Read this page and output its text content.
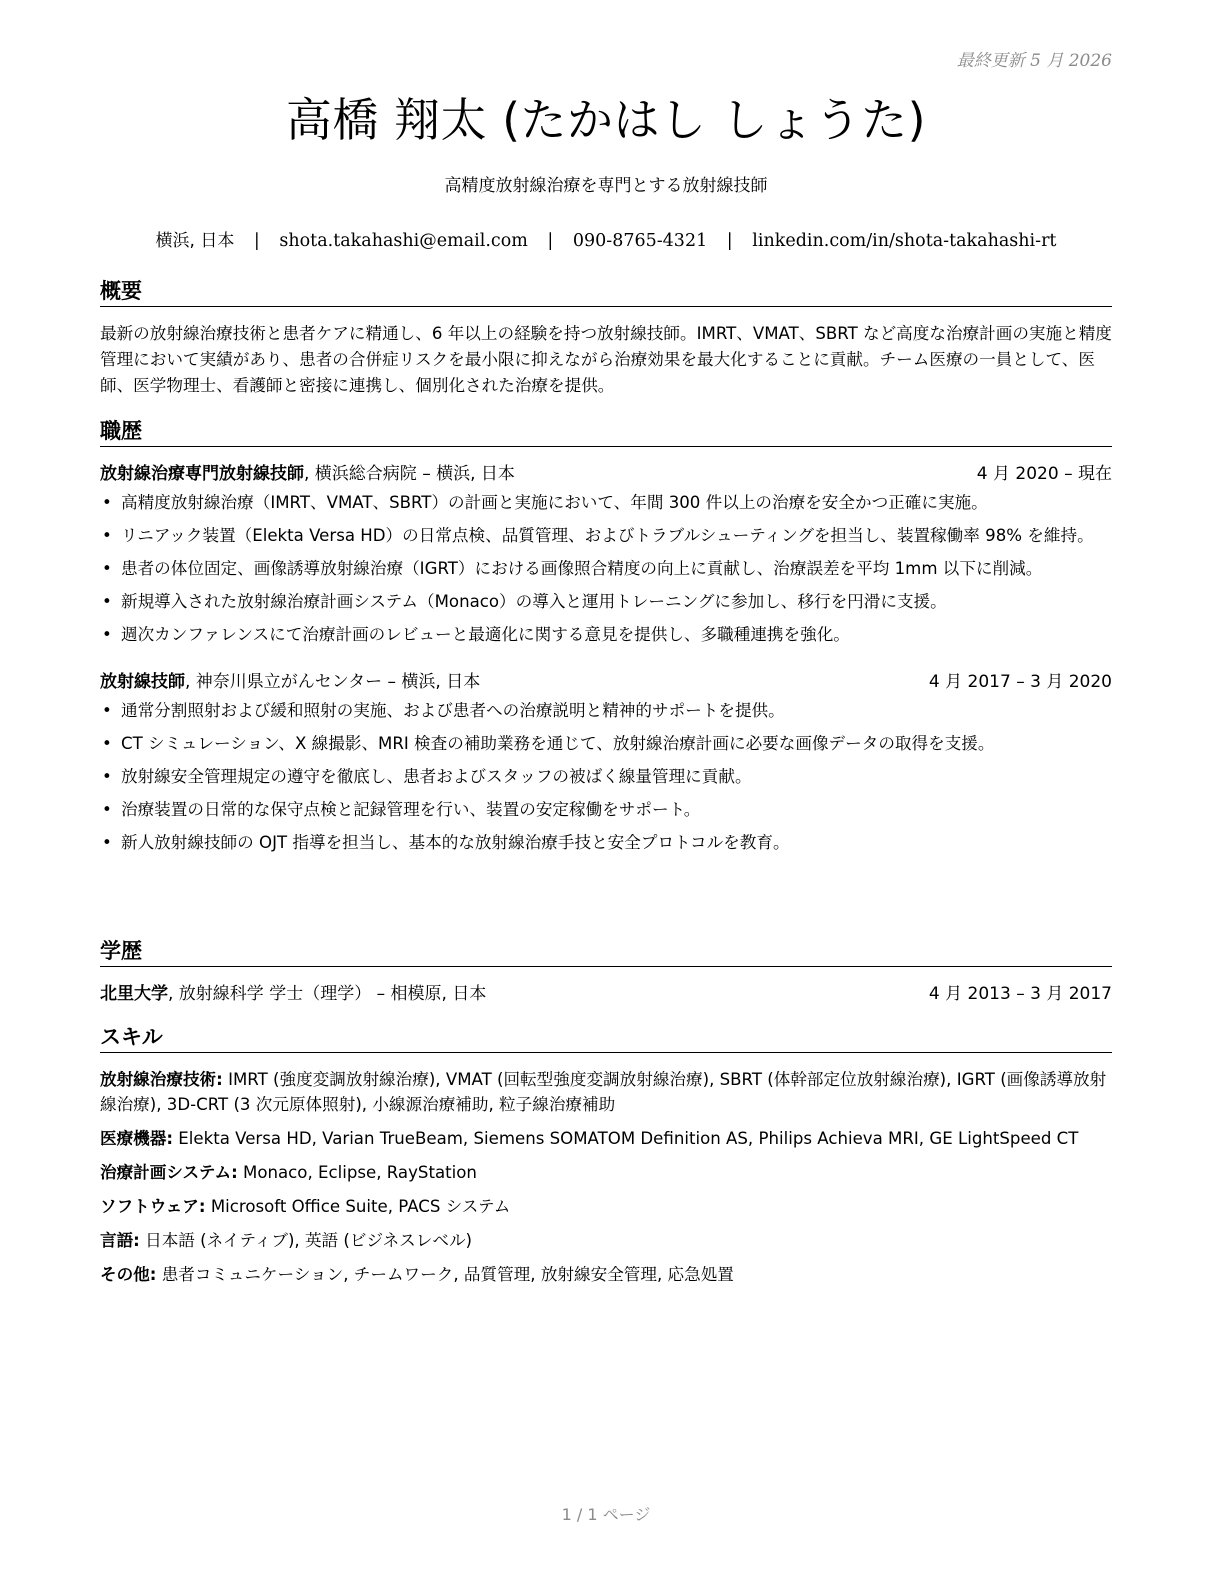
最終更新 5 月 2026
高橋 翔太 (たかはし しょうた)
高精度放射線治療を専門とする放射線技師
横浜, 日本 | shota.takahashi@email.com | 090-8765-4321 | linkedin.com/in/shota-takahashi-rt
概要

最新の放射線治療技術と患者ケアに精通し、6 年以上の経験を持つ放射線技師。IMRT、VMAT、SBRT など高度な治療計画の実施と精度管理において実績があり、患者の合併症リスクを最小限に抑えながら治療効果を最大化することに貢献。チーム医療の一員として、医師、医学物理士、看護師と密接に連携し、個別化された治療を提供。

職歴
放射線治療専門放射線技師, 横浜総合病院 – 横浜, 日本	4 月 2020 – 現在
• 高精度放射線治療（IMRT、VMAT、SBRT）の計画と実施において、年間 300 件以上の治療を安全かつ正確に実施。
• リニアック装置（Elekta Versa HD）の日常点検、品質管理、およびトラブルシューティングを担当し、装置稼働率 98% を維持。
• 患者の体位固定、画像誘導放射線治療（IGRT）における画像照合精度の向上に貢献し、治療誤差を平均 1mm 以下に削減。
• 新規導入された放射線治療計画システム（Monaco）の導入と運用トレーニングに参加し、移行を円滑に支援。
• 週次カンファレンスにて治療計画のレビューと最適化に関する意見を提供し、多職種連携を強化。
放射線技師, 神奈川県立がんセンター – 横浜, 日本	4 月 2017 – 3 月 2020
• 通常分割照射および緩和照射の実施、および患者への治療説明と精神的サポートを提供。
• CT シミュレーション、X 線撮影、MRI 検査の補助業務を通じて、放射線治療計画に必要な画像データの取得を支援。
• 放射線安全管理規定の遵守を徹底し、患者およびスタッフの被ばく線量管理に貢献。
• 治療装置の日常的な保守点検と記録管理を行い、装置の安定稼働をサポート。
• 新人放射線技師の OJT 指導を担当し、基本的な放射線治療手技と安全プロトコルを教育。
学歴
北里大学, 放射線科学 学士（理学） – 相模原, 日本	4 月 2013 – 3 月 2017
スキル
放射線治療技術: IMRT (強度変調放射線治療), VMAT (回転型強度変調放射線治療), SBRT (体幹部定位放射線治療), IGRT (画像誘導放射線治療), 3D-CRT (3 次元原体照射), 小線源治療補助, 粒子線治療補助
医療機器: Elekta Versa HD, Varian TrueBeam, Siemens SOMATOM Definition AS, Philips Achieva MRI, GE LightSpeed CT
治療計画システム: Monaco, Eclipse, RayStation
ソフトウェア: Microsoft Office Suite, PACS システム
言語: 日本語 (ネイティブ), 英語 (ビジネスレベル)
その他: 患者コミュニケーション, チームワーク, 品質管理, 放射線安全管理, 応急処置
1 / 1 ページ
